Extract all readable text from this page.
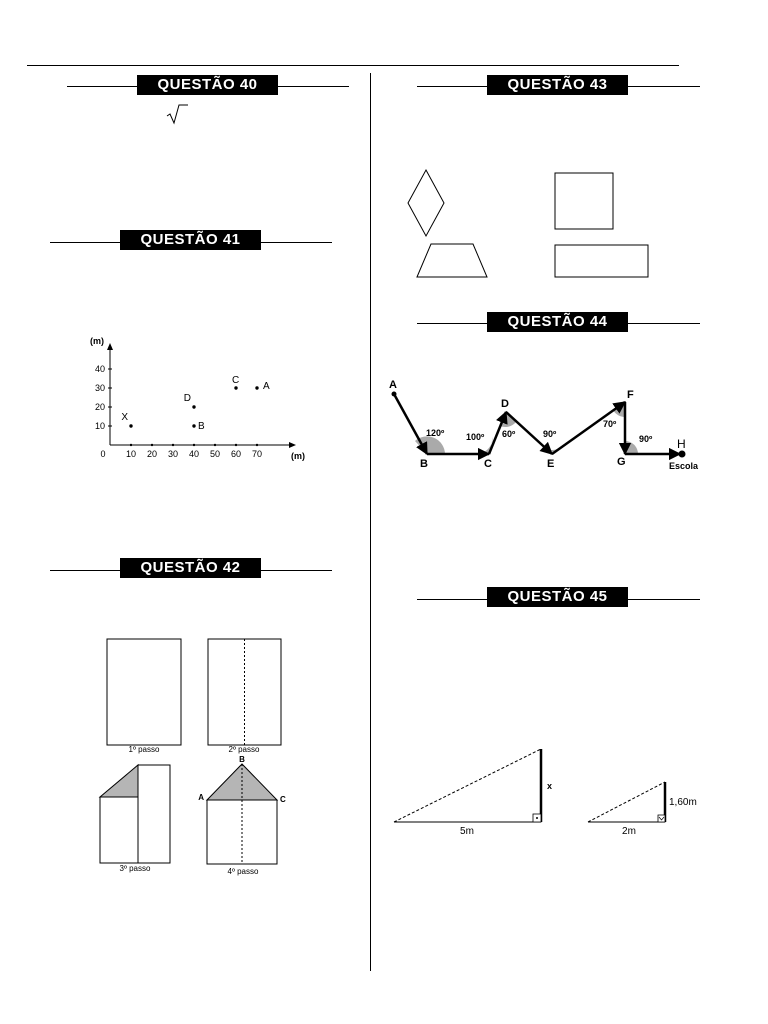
QUESTÃO 40
QUESTÃO 41
(m)
(m)
0 10 20 30 40 50 60 70
10
20
30
40
X
B
D
C
A
QUESTÃO 42
B
A	C
1º passo	2º passo
3º passo	4º passo
QUESTÃO 43
QUESTÃO 44
A
B	C
D
E
F
G
H
Escola
120º 100º 60º	90º
70º
90º
QUESTÃO 45
x
5m
1,60m
2m
